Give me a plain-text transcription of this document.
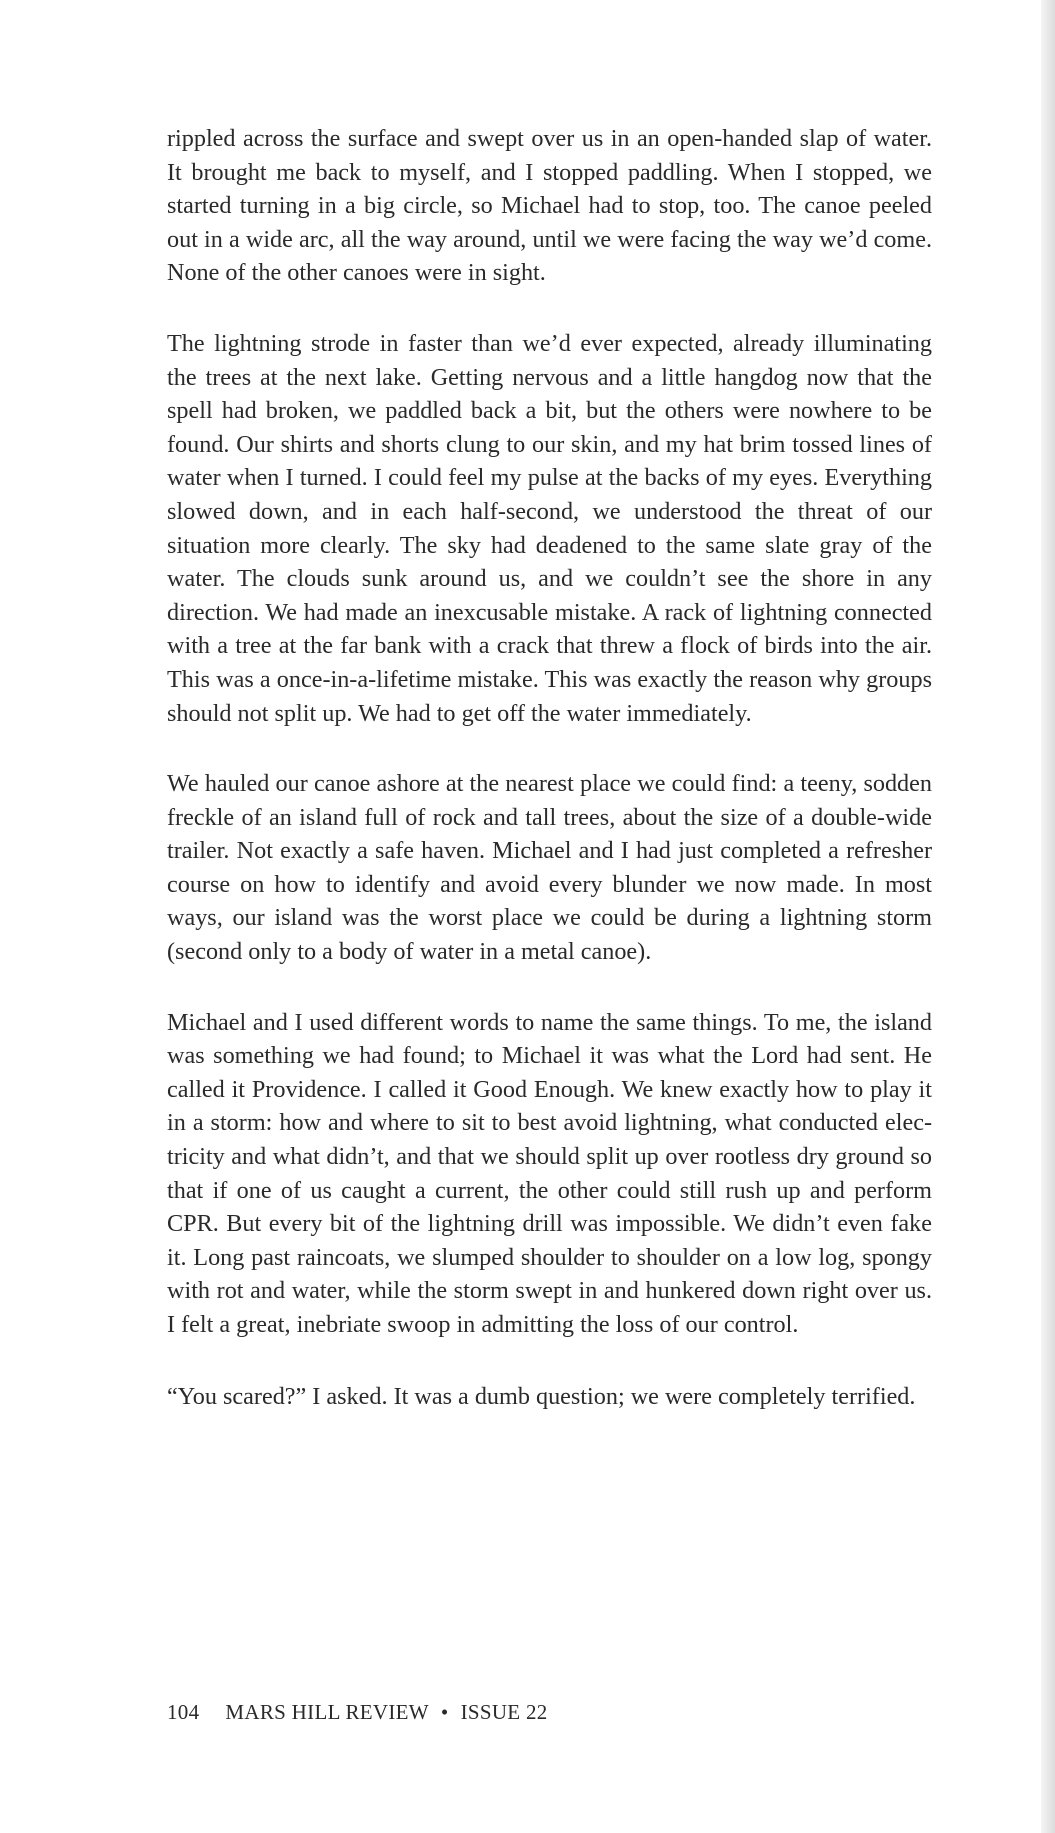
rippled across the surface and swept over us in an open-handed slap of water. It brought me back to myself, and I stopped paddling. When I stopped, we started turning in a big circle, so Michael had to stop, too. The canoe peeled out in a wide arc, all the way around, until we were facing the way we’d come. None of the other canoes were in sight.

The lightning strode in faster than we’d ever expected, already illuminating the trees at the next lake. Getting nervous and a little hangdog now that the spell had broken, we paddled back a bit, but the others were nowhere to be found. Our shirts and shorts clung to our skin, and my hat brim tossed lines of water when I turned. I could feel my pulse at the backs of my eyes. Everything slowed down, and in each half-second, we understood the threat of our situation more clearly. The sky had deadened to the same slate gray of the water. The clouds sunk around us, and we couldn’t see the shore in any direction. We had made an inexcusable mistake. A rack of lightning connected with a tree at the far bank with a crack that threw a flock of birds into the air. This was a once-in-a-lifetime mistake. This was exactly the reason why groups should not split up. We had to get off the water immediately.

We hauled our canoe ashore at the nearest place we could find: a teeny, sodden freckle of an island full of rock and tall trees, about the size of a double-wide trailer. Not exactly a safe haven. Michael and I had just completed a refresher course on how to identify and avoid every blunder we now made. In most ways, our island was the worst place we could be during a lightning storm (second only to a body of water in a metal canoe).

Michael and I used different words to name the same things. To me, the island was something we had found; to Michael it was what the Lord had sent. He called it Providence. I called it Good Enough. We knew exactly how to play it in a storm: how and where to sit to best avoid lightning, what conducted electricity and what didn’t, and that we should split up over rootless dry ground so that if one of us caught a current, the other could still rush up and perform CPR. But every bit of the lightning drill was impossible. We didn’t even fake it. Long past raincoats, we slumped shoulder to shoulder on a low log, spongy with rot and water, while the storm swept in and hunkered down right over us. I felt a great, inebriate swoop in admitting the loss of our control.

“You scared?” I asked. It was a dumb question; we were completely terrified.

104 MARS HILL REVIEW • ISSUE 22
